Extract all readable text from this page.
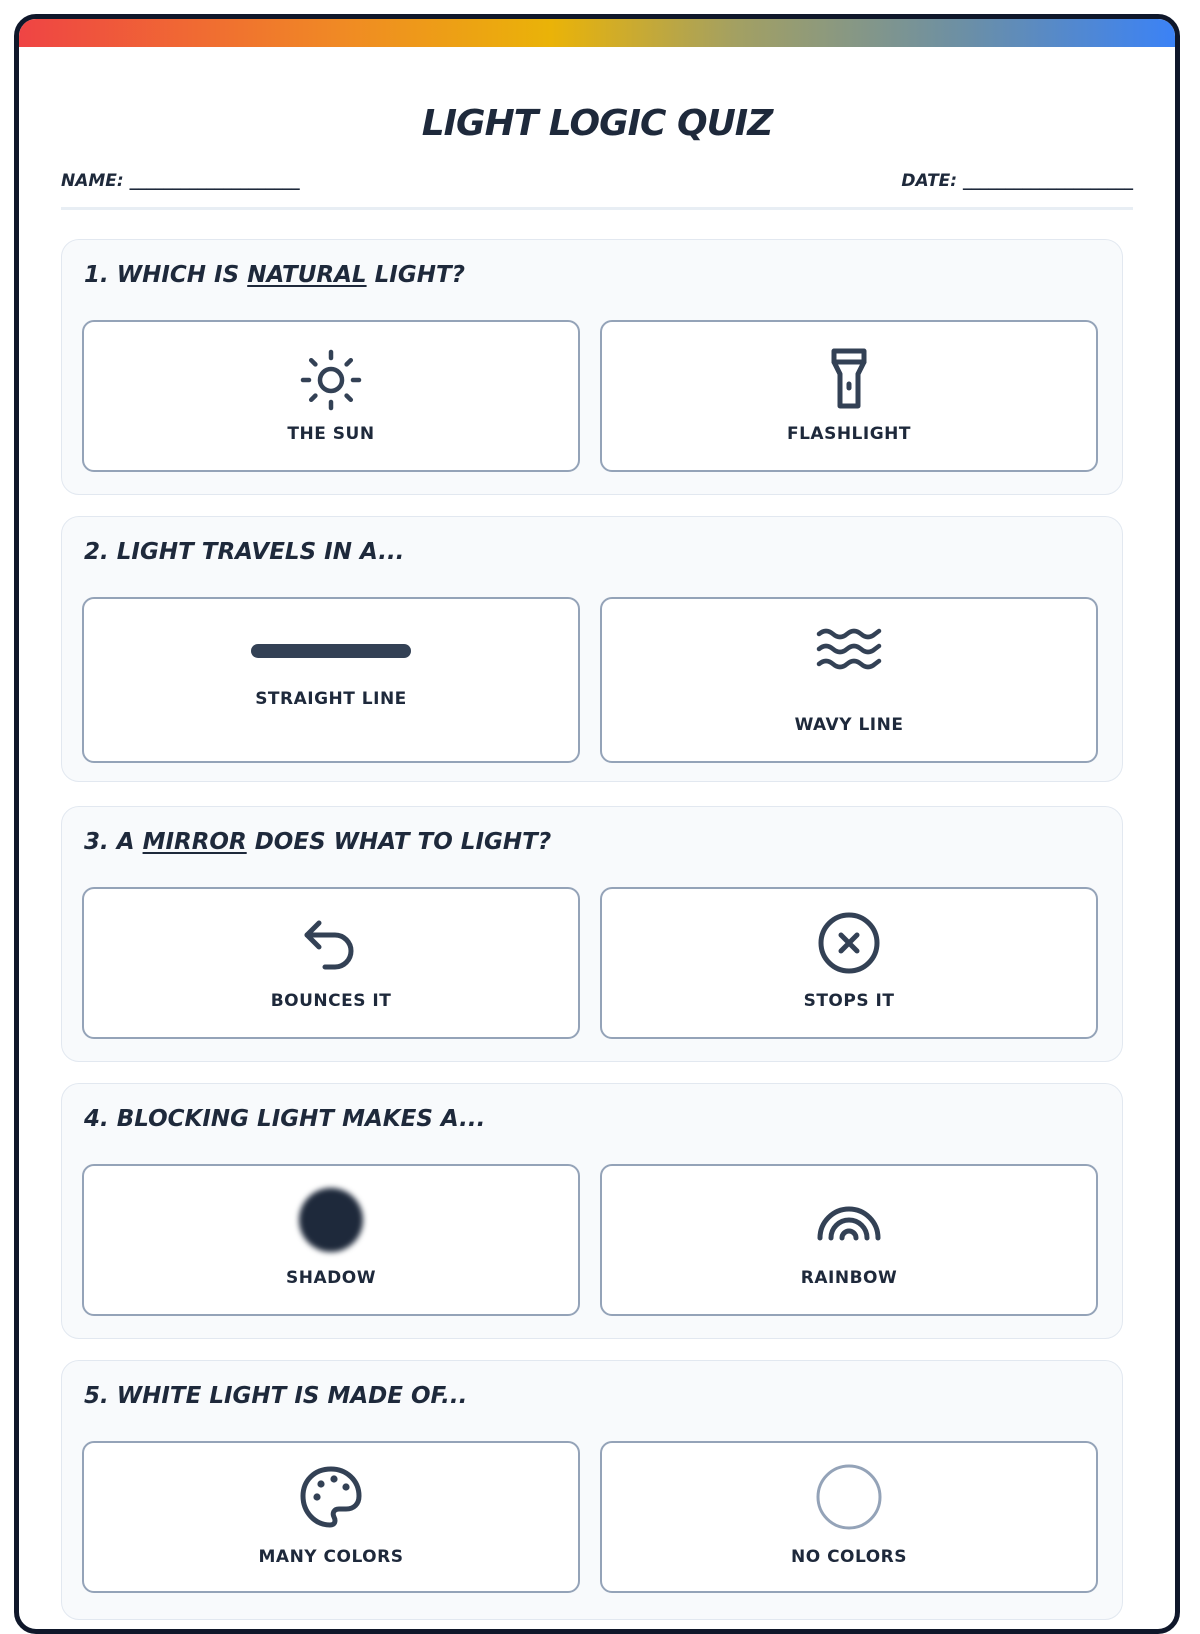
LIGHT LOGIC QUIZ
NAME: ____________________	DATE: ____________________
1. WHICH IS NATURAL LIGHT?
THE SUN	FLASHLIGHT
2. LIGHT TRAVELS IN A...
STRAIGHT LINE
WAVY LINE
3. A MIRROR DOES WHAT TO LIGHT?
BOUNCES IT	STOPS IT
4. BLOCKING LIGHT MAKES A...
SHADOW	RAINBOW
5. WHITE LIGHT IS MADE OF...
MANY COLORS	NO COLORS
